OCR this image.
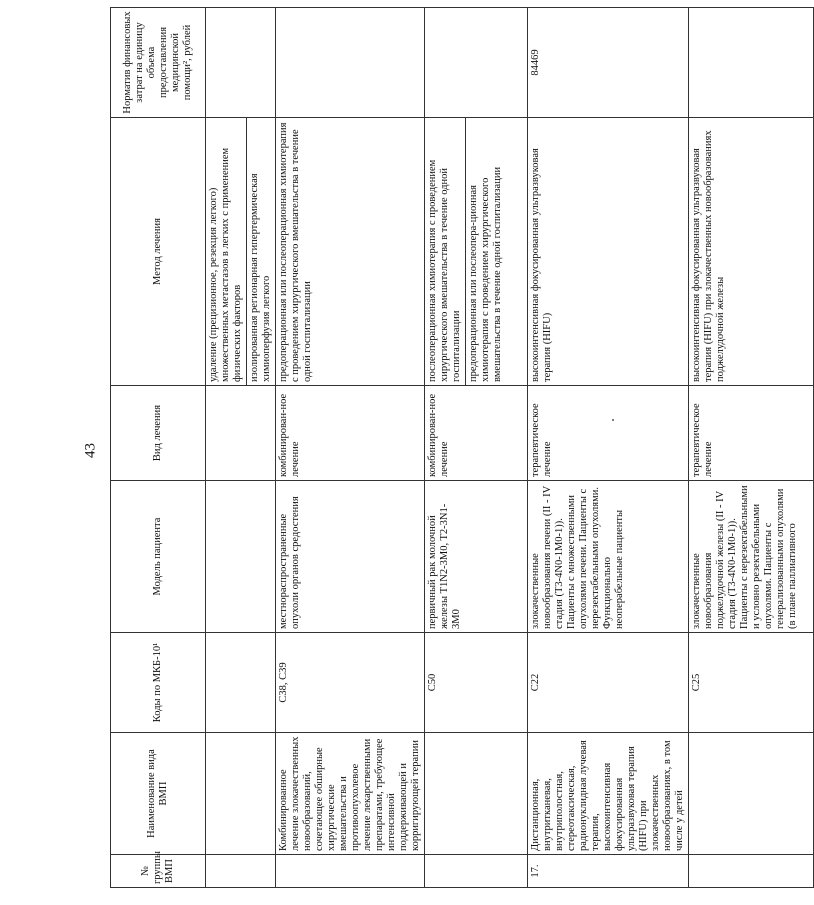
43
№ группы ВМП	Наименование вида ВМП	Коды по МКБ-10¹	Модель пациента	Вид лечения	Метод лечения	Норматив финансовых затрат на единицу объема предоставления медицинской помощи², рублей

					удаление (прецизионное, резекция легкого) множественных метастазов в легких с применением физических факторов изолированная регионарная гипертермическая химиоперфузия легкого	

	Комбинированное лечение злокачественных новообразований, сочетающее обширные хирургические вмешательства и противоопухолевое лечение лекарственными препаратами, требующее интенсивной поддерживающей и корригирующей терапии	C38, C39	местнораспространенные опухоли органов средостения	комбинирован-ное лечение	предоперационная или послеоперационная химиотерапия с проведением хирургического вмешательства в течение одной госпитализации	

		C50	первичный рак молочной железы T1N2-3M0, T2-3N1-3M0	комбинирован-ное лечение	послеоперационная химиотерапия с проведением хирургического вмешательства в течение одной госпитализации предоперационная или послеопера-ционная химиотерапия с проведением хирургического вмешательства в течение одной госпитализации	

17.	Дистанционная, внутритканевая, внутриполостная, стереотаксическая, радионуклидная лучевая терапия, высокоинтенсивная фокусированная ультразвуковая терапия (HIFU) при злокачественных новообразованиях, в том числе у детей	C22	злокачественные новообразования печени (II - IV стадия (T3-4N0-1M0-1)). Пациенты с множественными опухолями печени. Пациенты с нерезектабельными опухолями. Функционально неоперабельные пациенты	терапевтическое лечение	высокоинтенсивная фокусированная ультразвуковая терапия (HIFU)	84469
		C25	злокачественные новообразования поджелудочной железы (II - IV стадия (T3-4N0-1M0-1)). Пациенты с нерезектабельными и условно резектабельными опухолями. Пациенты с генерализованными опухолями (в плане паллиативного	терапевтическое лечение	высокоинтенсивная фокусированная ультразвуковая терапия (HIFU) при злокачественных новообразованиях поджелудочной железы	
